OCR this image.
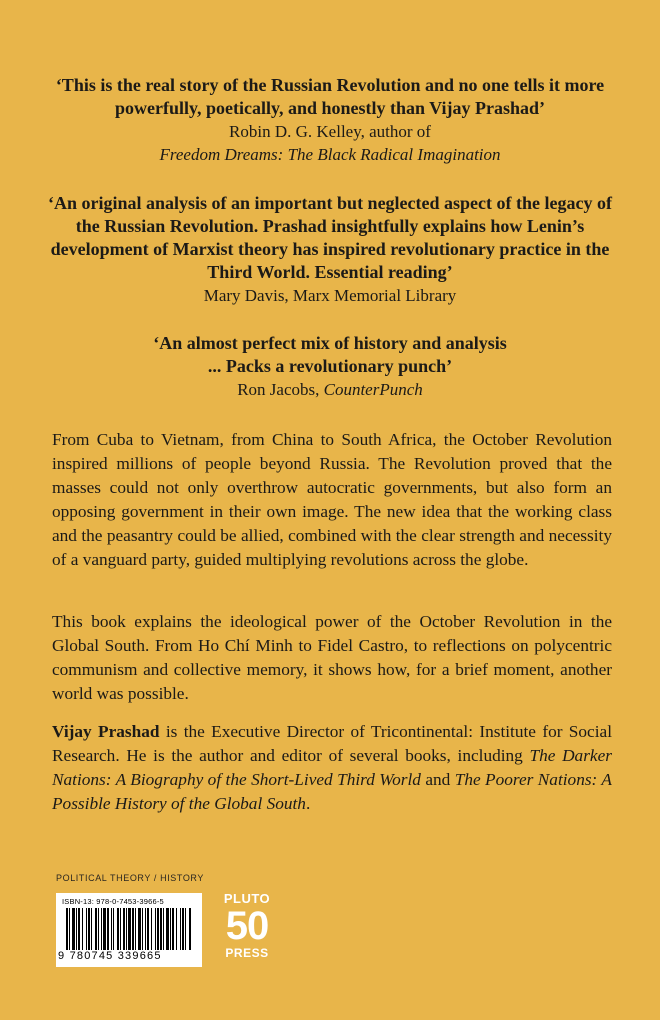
‘This is the real story of the Russian Revolution and no one tells it more powerfully, poetically, and honestly than Vijay Prashad’

Robin D. G. Kelley, author of

Freedom Dreams: The Black Radical Imagination

‘An original analysis of an important but neglected aspect of the legacy of the Russian Revolution. Prashad insightfully explains how Lenin’s development of Marxist theory has inspired revolutionary practice in the Third World. Essential reading’

Mary Davis, Marx Memorial Library

‘An almost perfect mix of history and analysis

... Packs a revolutionary punch’

Ron Jacobs, CounterPunch

From Cuba to Vietnam, from China to South Africa, the October Revolution inspired millions of people beyond Russia. The Revolution proved that the masses could not only overthrow autocratic governments, but also form an opposing government in their own image. The new idea that the working class and the peasantry could be allied, combined with the clear strength and necessity of a vanguard party, guided multiplying revolutions across the globe.

This book explains the ideological power of the October Revolution in the Global South. From Ho Chí Minh to Fidel Castro, to reflections on polycentric communism and collective memory, it shows how, for a brief moment, another world was possible.

Vijay Prashad is the Executive Director of Tricontinental: Institute for Social Research. He is the author and editor of several books, including The Darker Nations: A Biography of the Short-Lived Third World and The Poorer Nations: A Possible History of the Global South.

POLITICAL THEORY / HISTORY
ISBN-13: 978-0-7453-3966-5
9 780745 339665
PLUTO
50
PRESS
